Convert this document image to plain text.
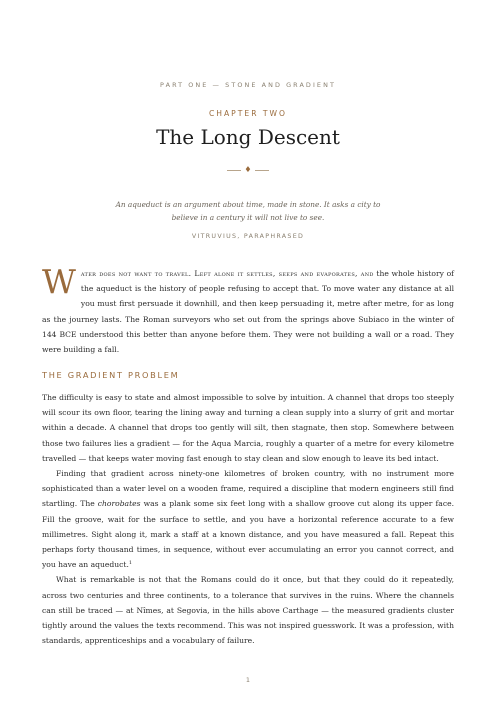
PART ONE — STONE AND GRADIENT
CHAPTER TWO
The Long Descent
♦
An aqueduct is an argument about time, made in stone. It asks a city to believe in a century it will not live to see.
VITRUVIUS, PARAPHRASED
Water does not want to travel. Left alone it settles, seeps and evaporates, and the whole history of the aqueduct is the history of people refusing to accept that. To move water any distance at all you must first persuade it downhill, and then keep persuading it, metre after metre, for as long as the journey lasts. The Roman surveyors who set out from the springs above Subiaco in the winter of 144 BCE understood this better than anyone before them. They were not building a wall or a road. They were building a fall.
THE GRADIENT PROBLEM

The difficulty is easy to state and almost impossible to solve by intuition. A channel that drops too steeply will scour its own floor, tearing the lining away and turning a clean supply into a slurry of grit and mortar within a decade. A channel that drops too gently will silt, then stagnate, then stop. Somewhere between those two failures lies a gradient — for the Aqua Marcia, roughly a quarter of a metre for every kilometre travelled — that keeps water moving fast enough to stay clean and slow enough to leave its bed intact.

Finding that gradient across ninety-one kilometres of broken country, with no instrument more sophisticated than a water level on a wooden frame, required a discipline that modern engineers still find startling. The chorobates was a plank some six feet long with a shallow groove cut along its upper face. Fill the groove, wait for the surface to settle, and you have a horizontal reference accurate to a few millimetres. Sight along it, mark a staff at a known distance, and you have measured a fall. Repeat this perhaps forty thousand times, in sequence, without ever accumulating an error you cannot correct, and you have an aqueduct.$^1$

What is remarkable is not that the Romans could do it once, but that they could do it repeatedly, across two centuries and three continents, to a tolerance that survives in the ruins. Where the channels can still be traced — at Nîmes, at Segovia, in the hills above Carthage — the measured gradients cluster tightly around the values the texts recommend. This was not inspired guesswork. It was a profession, with standards, apprenticeships and a vocabulary of failure.

1
